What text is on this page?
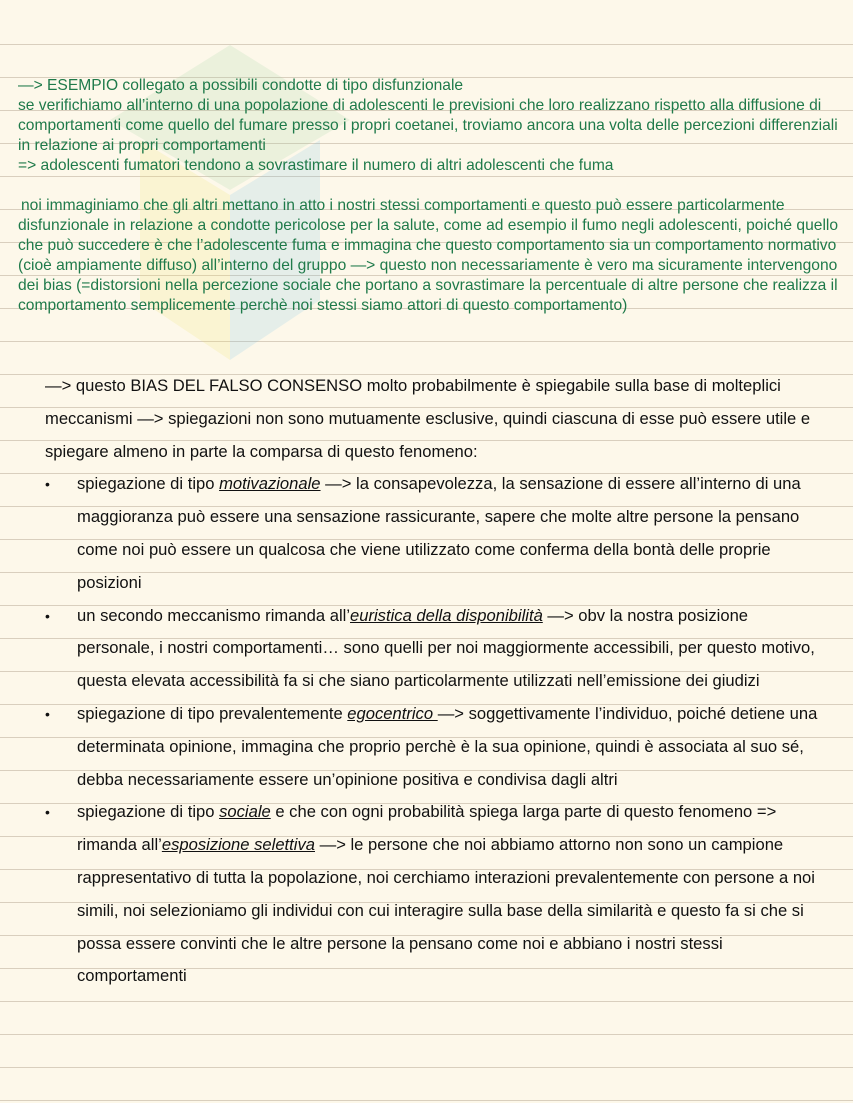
—> ESEMPIO collegato a possibili condotte di tipo disfunzionale

se verifichiamo all’interno di una popolazione di adolescenti le previsioni che loro realizzano rispetto alla diffusione di comportamenti come quello del fumare presso i propri coetanei, troviamo ancora una volta delle percezioni differenziali in relazione ai propri comportamenti

=> adolescenti fumatori tendono a sovrastimare il numero di altri adolescenti che fuma

noi immaginiamo che gli altri mettano in atto i nostri stessi comportamenti e questo può essere particolarmente disfunzionale in relazione a condotte pericolose per la salute, come ad esempio il fumo negli adolescenti, poiché quello che può succedere è che l’adolescente fuma e immagina che questo comportamento sia un comportamento normativo (cioè ampiamente diffuso) all’interno del gruppo —> questo non necessariamente è vero ma sicuramente intervengono dei bias (=distorsioni nella percezione sociale che portano a sovrastimare la percentuale di altre persone che realizza il comportamento semplicemente perchè noi stessi siamo attori di questo comportamento)

—> questo BIAS DEL FALSO CONSENSO molto probabilmente è spiegabile sulla base di molteplici meccanismi —> spiegazioni non sono mutuamente esclusive, quindi ciascuna di esse può essere utile e spiegare almeno in parte la comparsa di questo fenomeno:

• spiegazione di tipo motivazionale —> la consapevolezza, la sensazione di essere all’interno di una maggioranza può essere una sensazione rassicurante, sapere che molte altre persone la pensano come noi può essere un qualcosa che viene utilizzato come conferma della bontà delle proprie posizioni
• un secondo meccanismo rimanda all’euristica della disponibilità —> obv la nostra posizione personale, i nostri comportamenti… sono quelli per noi maggiormente accessibili, per questo motivo, questa elevata accessibilità fa si che siano particolarmente utilizzati nell’emissione dei giudizi
• spiegazione di tipo prevalentemente egocentrico —> soggettivamente l’individuo, poiché detiene una determinata opinione, immagina che proprio perchè è la sua opinione, quindi è associata al suo sé, debba necessariamente essere un’opinione positiva e condivisa dagli altri
• spiegazione di tipo sociale e che con ogni probabilità spiega larga parte di questo fenomeno => rimanda all’esposizione selettiva —> le persone che noi abbiamo attorno non sono un campione rappresentativo di tutta la popolazione, noi cerchiamo interazioni prevalentemente con persone a noi simili, noi selezioniamo gli individui con cui interagire sulla base della similarità e questo fa si che si possa essere convinti che le altre persone la pensano come noi e abbiano i nostri stessi comportamenti
